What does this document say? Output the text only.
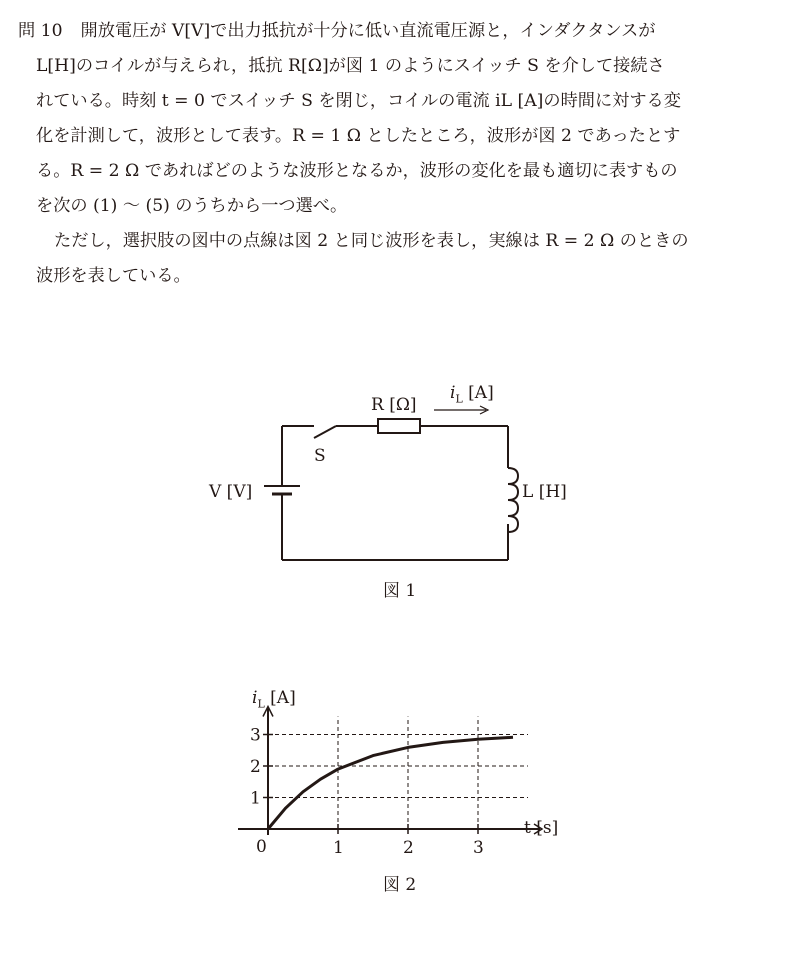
問 10 開放電圧が V[V]で出力抵抗が十分に低い直流電圧源と，インダクタンスが
L[H]のコイルが与えられ，抵抗 R[Ω]が図 1 のようにスイッチ S を介して接続さ
れている。時刻 t = 0 でスイッチ S を閉じ，コイルの電流 iL [A]の時間に対する変
化を計測して，波形として表す。R = 1 Ω としたところ，波形が図 2 であったとす
る。R = 2 Ω であればどのような波形となるか，波形の変化を最も適切に表すもの
を次の (1) 〜 (5) のうちから一つ選べ。
ただし，選択肢の図中の点線は図 2 と同じ波形を表し，実線は R = 2 Ω のときの
波形を表している。
R [Ω]
$i_L$ [A]
S
V [V]	L [H]
図 1
1
2
3
1	2	3
$i_L$ [A]
t [s]
0
図 2
